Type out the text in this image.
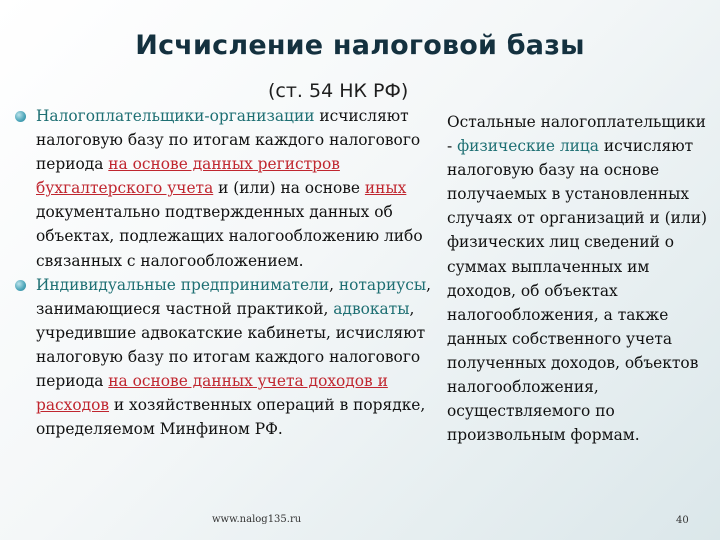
Исчисление налоговой базы
(ст. 54 НК РФ)

Налогоплательщики-организации исчисляют налоговую базу по итогам каждого налогового периода на основе данных регистров бухгалтерского учета и (или) на основе иных документально подтвержденных данных об объектах, подлежащих налогообложению либо связанных с налогообложением.

Индивидуальные предприниматели, нотариусы, занимающиеся частной практикой, адвокаты, учредившие адвокатские кабинеты, исчисляют налоговую базу по итогам каждого налогового периода на основе данных учета доходов и расходов и хозяйственных операций в порядке, определяемом Минфином РФ.

Остальные налогоплательщики - физические лица исчисляют налоговую базу на основе получаемых в установленных случаях от организаций и (или) физических лиц сведений о суммах выплаченных им доходов, об объектах налогообложения, а также данных собственного учета полученных доходов, объектов налогообложения, осуществляемого по произвольным формам.

www.nalog135.ru	40
